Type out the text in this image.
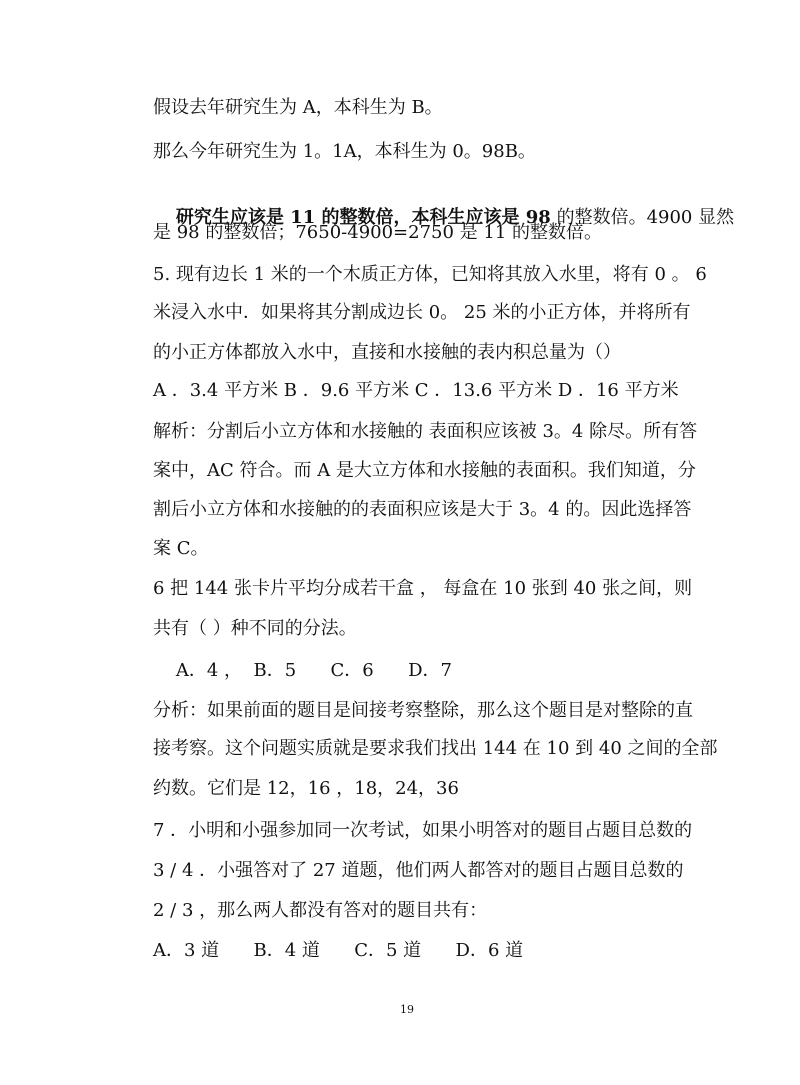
假设去年研究生为 A，本科生为 B。
那么今年研究生为 1。1A，本科生为 0。98B。

研究生应该是 11 的整数倍，本科生应该是 98 的整数倍。4900 显然

是 98 的整数倍；7650-4900=2750 是 11 的整数倍。
5. 现有边长 1 米的一个木质正方体，已知将其放入水里，将有 0 。 6
米浸入水中．如果将其分割成边长 0。 25 米的小正方体，并将所有
的小正方体都放入水中，直接和水接触的表内积总量为（）
A ．3.4 平方米 B ．9.6 平方米 C ．13.6 平方米 D ．16 平方米
解析：分割后小立方体和水接触的 表面积应该被 3。4 除尽。所有答
案中，AC 符合。而 A 是大立方体和水接触的表面积。我们知道，分
割后小立方体和水接触的的表面积应该是大于 3。4 的。因此选择答
案 C。
6 把 144 张卡片平均分成若干盒 ， 每盒在 10 张到 40 张之间，则
共有（ ）种不同的分法。
A．4 ，  B．5      C．6      D．7
分析：如果前面的题目是间接考察整除，那么这个题目是对整除的直
接考察。这个问题实质就是要求我们找出 144 在 10 到 40 之间的全部
约数。它们是 12，16 ，18，24，36
7 ．小明和小强参加同一次考试，如果小明答对的题目占题目总数的
3 / 4 ．小强答对了 27 道题，他们两人都答对的题目占题目总数的
2 / 3 ，那么两人都没有答对的题目共有：
A．3 道      B．4 道      C．5 道      D．6 道
19
